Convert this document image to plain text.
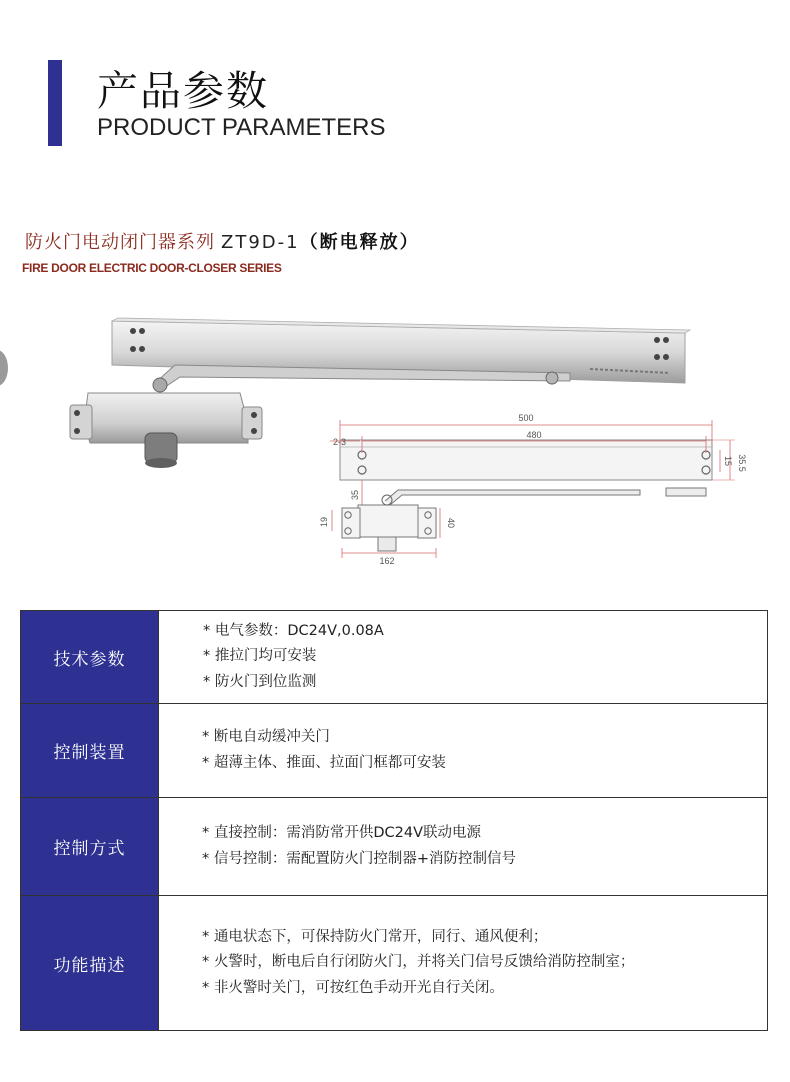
产品参数
PRODUCT PARAMETERS
防火门电动闭门器系列 ZT9D-1（断电释放）
FIRE DOOR ELECTRIC DOOR-CLOSER SERIES
500
480
2-3
35.5
15
35
19	40
162
技术参数	* 电气参数：DC24V,0.08A
* 推拉门均可安装
* 防火门到位监测

控制装置	* 断电自动缓冲关门
* 超薄主体、推面、拉面门框都可安装

控制方式	* 直接控制：需消防常开供DC24V联动电源
* 信号控制：需配置防火门控制器+消防控制信号

功能描述	* 通电状态下，可保持防火门常开，同行、通风便利；
* 火警时，断电后自行闭防火门，并将关门信号反馈给消防控制室；
* 非火警时关门，可按红色手动开光自行关闭。
